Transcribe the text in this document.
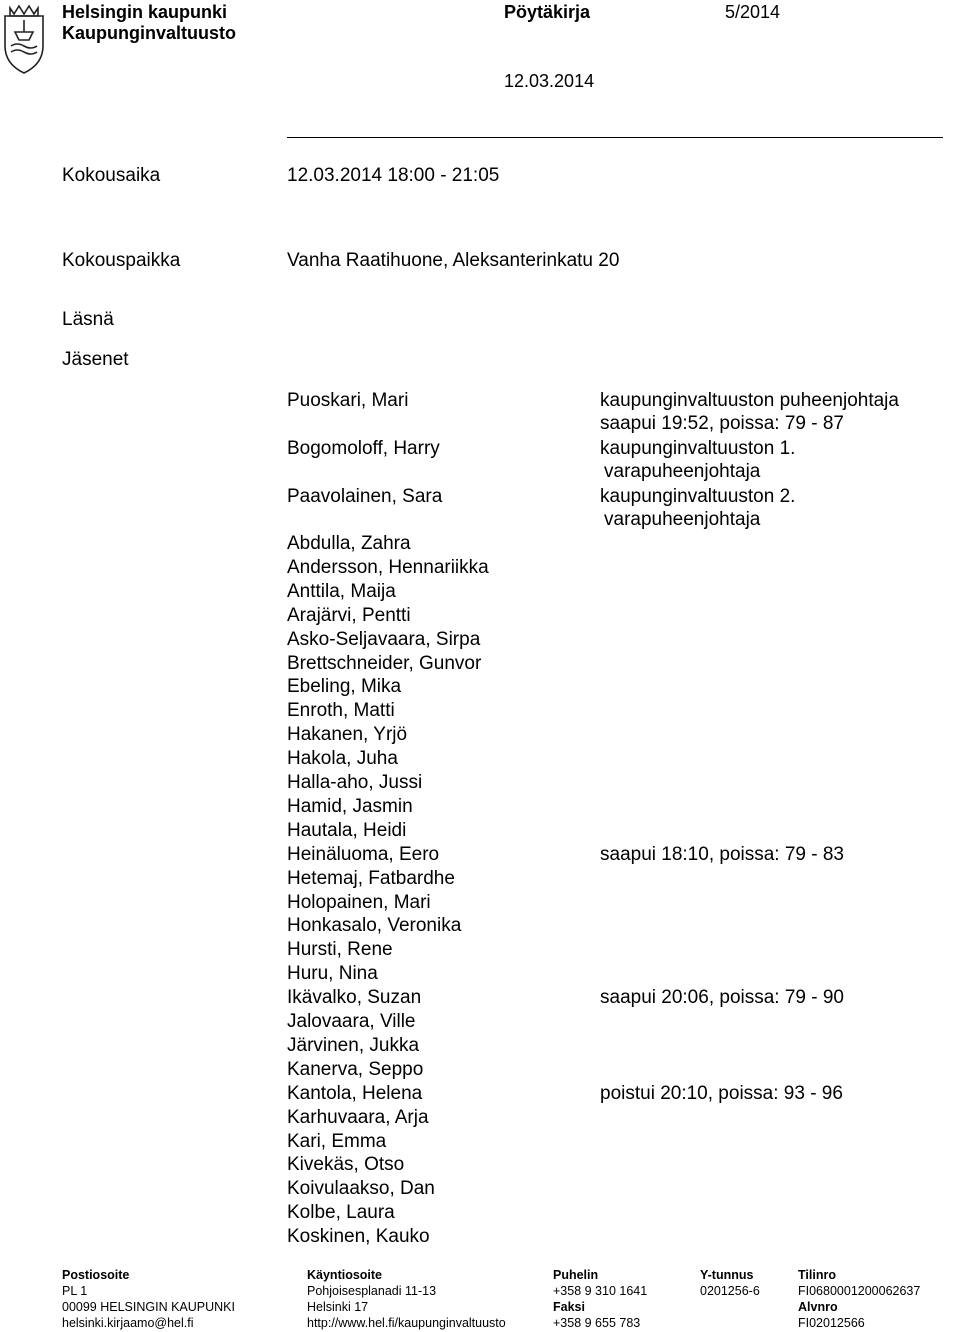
Helsingin kaupunki
Kaupunginvaltuusto
Pöytäkirja	5/2014
12.03.2014
Kokousaika	12.03.2014 18:00 - 21:05
Kokouspaikka	Vanha Raatihuone, Aleksanterinkatu 20
Läsnä
Jäsenet
Puoskari, Mari	kaupunginvaltuuston puheenjohtaja
saapui 19:52, poissa: 79 - 87
Bogomoloff, Harry	kaupunginvaltuuston 1.
varapuheenjohtaja
Paavolainen, Sara	kaupunginvaltuuston 2.
varapuheenjohtaja
Abdulla, Zahra
Andersson, Hennariikka
Anttila, Maija
Arajärvi, Pentti
Asko-Seljavaara, Sirpa
Brettschneider, Gunvor
Ebeling, Mika
Enroth, Matti
Hakanen, Yrjö
Hakola, Juha
Halla-aho, Jussi
Hamid, Jasmin
Hautala, Heidi
Heinäluoma, Eero	saapui 18:10, poissa: 79 - 83
Hetemaj, Fatbardhe
Holopainen, Mari
Honkasalo, Veronika
Hursti, Rene
Huru, Nina
Ikävalko, Suzan	saapui 20:06, poissa: 79 - 90
Jalovaara, Ville
Järvinen, Jukka
Kanerva, Seppo
Kantola, Helena	poistui 20:10, poissa: 93 - 96
Karhuvaara, Arja
Kari, Emma
Kivekäs, Otso
Koivulaakso, Dan
Kolbe, Laura
Koskinen, Kauko
Postiosoite
PL 1
00099 HELSINGIN KAUPUNKI
helsinki.kirjaamo@hel.fi
Käyntiosoite
Pohjoisesplanadi 11-13
Helsinki 17
http://www.hel.fi/kaupunginvaltuusto
Puhelin
+358 9 310 1641
Faksi
+358 9 655 783
Y-tunnus
0201256-6
Tilinro
FI0680001200062637
Alvnro
FI02012566
